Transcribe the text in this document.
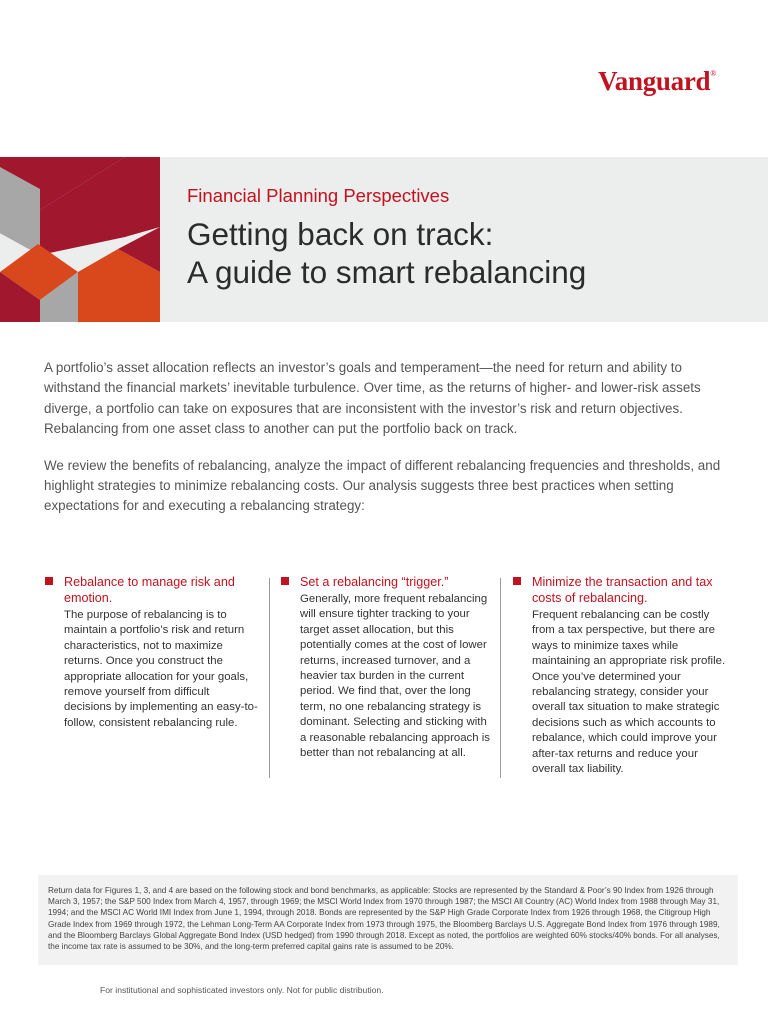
Vanguard®

Financial Planning Perspectives

Getting back on track:
A guide to smart rebalancing

A portfolio’s asset allocation reflects an investor’s goals and temperament—the need for return and ability to withstand the financial markets’ inevitable turbulence. Over time, as the returns of higher- and lower-risk assets diverge, a portfolio can take on exposures that are inconsistent with the investor’s risk and return objectives. Rebalancing from one asset class to another can put the portfolio back on track.

We review the benefits of rebalancing, analyze the impact of different rebalancing frequencies and thresholds, and highlight strategies to minimize rebalancing costs. Our analysis suggests three best practices when setting expectations for and executing a rebalancing strategy:

Rebalance to manage risk and emotion.

The purpose of rebalancing is to maintain a portfolio’s risk and return characteristics, not to maximize returns. Once you construct the appropriate allocation for your goals, remove yourself from difficult decisions by implementing an easy-to-follow, consistent rebalancing rule.

Set a rebalancing “trigger.”

Generally, more frequent rebalancing will ensure tighter tracking to your target asset allocation, but this potentially comes at the cost of lower returns, increased turnover, and a heavier tax burden in the current period. We find that, over the long term, no one rebalancing strategy is dominant. Selecting and sticking with a reasonable rebalancing approach is better than not rebalancing at all.

Minimize the transaction and tax costs of rebalancing.

Frequent rebalancing can be costly from a tax perspective, but there are ways to minimize taxes while maintaining an appropriate risk profile. Once you’ve determined your rebalancing strategy, consider your overall tax situation to make strategic decisions such as which accounts to rebalance, which could improve your after-tax returns and reduce your overall tax liability.

Return data for Figures 1, 3, and 4 are based on the following stock and bond benchmarks, as applicable: Stocks are represented by the Standard & Poor’s 90 Index from 1926 through March 3, 1957; the S&P 500 Index from March 4, 1957, through 1969; the MSCI World Index from 1970 through 1987; the MSCI All Country (AC) World Index from 1988 through May 31, 1994; and the MSCI AC World IMI Index from June 1, 1994, through 2018. Bonds are represented by the S&P High Grade Corporate Index from 1926 through 1968, the Citigroup High Grade Index from 1969 through 1972, the Lehman Long-Term AA Corporate Index from 1973 through 1975, the Bloomberg Barclays U.S. Aggregate Bond Index from 1976 through 1989, and the Bloomberg Barclays Global Aggregate Bond Index (USD hedged) from 1990 through 2018. Except as noted, the portfolios are weighted 60% stocks/40% bonds. For all analyses, the income tax rate is assumed to be 30%, and the long-term preferred capital gains rate is assumed to be 20%.
For institutional and sophisticated investors only. Not for public distribution.
